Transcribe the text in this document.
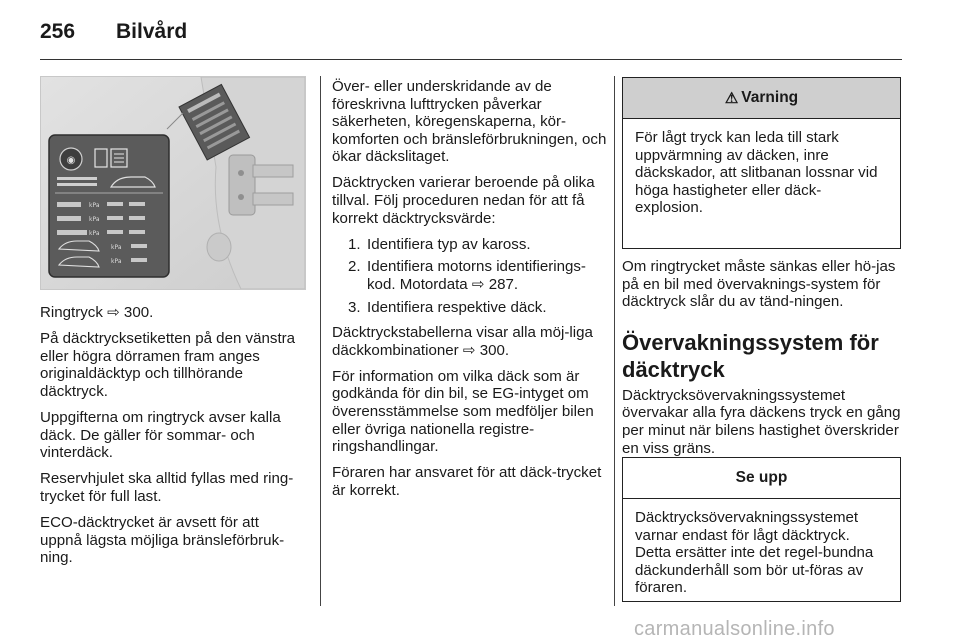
256 Bilvård
◉
kPa
kPa
kPa
kPa
kPa

Ringtryck ⇨ 300.

På däcktrycksetiketten på den vänstra eller högra dörramen fram anges originaldäcktyp och tillhörande däcktryck.

Uppgifterna om ringtryck avser kalla däck. De gäller för sommar- och vinterdäck.

Reservhjulet ska alltid fyllas med ring-trycket för full last.

ECO-däcktrycket är avsett för att uppnå lägsta möjliga bränsleförbruk-ning.

Över- eller underskridande av de föreskrivna lufttrycken påverkar säkerheten, köregenskaperna, kör-komforten och bränsleförbrukningen, och ökar däckslitaget.

Däcktrycken varierar beroende på olika tillval. Följ proceduren nedan för att få korrekt däcktrycksvärde:

1. Identifiera typ av kaross.
2. Identifiera motorns identifierings-kod. Motordata ⇨ 287.
3. Identifiera respektive däck.

Däcktryckstabellerna visar alla möj-liga däckkombinationer ⇨ 300.

För information om vilka däck som är godkända för din bil, se EG-intyget om överensstämmelse som medföljer bilen eller övriga nationella registre-ringshandlingar.

Föraren har ansvaret för att däck-trycket är korrekt.

⚠ Varning
För lågt tryck kan leda till stark uppvärmning av däcken, inre däckskador, att slitbanan lossnar vid höga hastigheter eller däck-explosion.

Om ringtrycket måste sänkas eller hö-jas på en bil med övervaknings-system för däcktryck slår du av tänd-ningen.

Övervakningssystem för däcktryck

Däcktrycksövervakningssystemet övervakar alla fyra däckens tryck en gång per minut när bilens hastighet överskrider en viss gräns.

Se upp
Däcktrycksövervakningssystemet varnar endast för lågt däcktryck. Detta ersätter inte det regel-bundna däckunderhåll som bör ut-föras av föraren.
carmanualsonline.info
